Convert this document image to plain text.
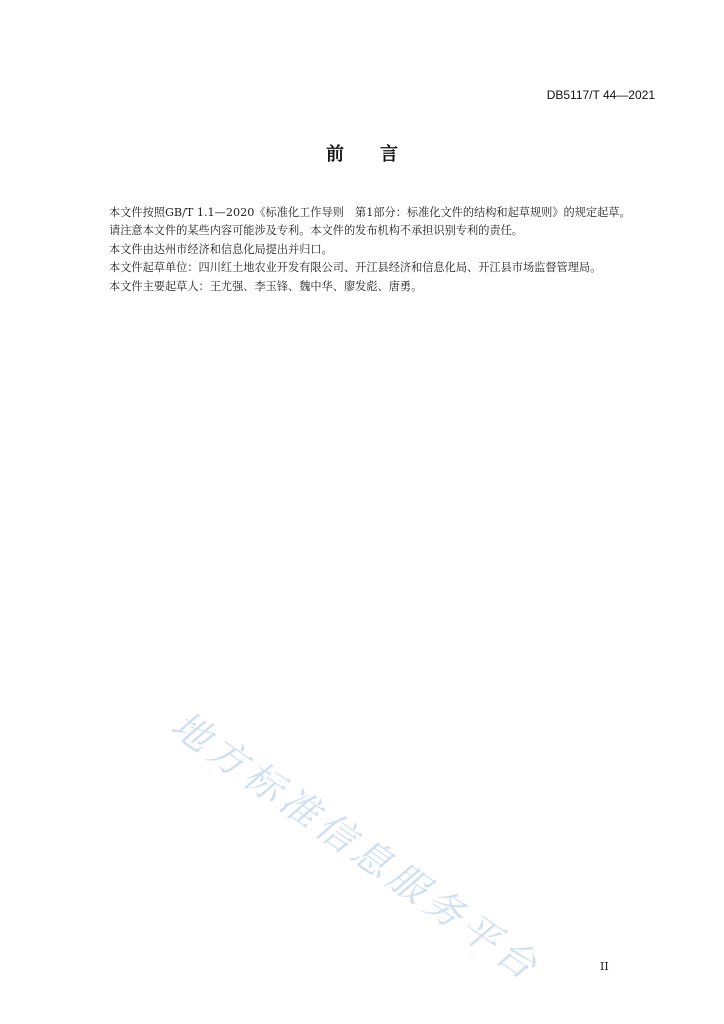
DB5117/T 44—2021
前言

本文件按照GB/T 1.1—2020《标准化工作导则　第1部分：标准化文件的结构和起草规则》的规定起草。

请注意本文件的某些内容可能涉及专利。本文件的发布机构不承担识别专利的责任。

本文件由达州市经济和信息化局提出并归口。

本文件起草单位：四川红土地农业开发有限公司、开江县经济和信息化局、开江县市场监督管理局。

本文件主要起草人：王尤强、李玉锋、魏中华、廖发彪、唐勇。

地方标准信息服务平台	II
